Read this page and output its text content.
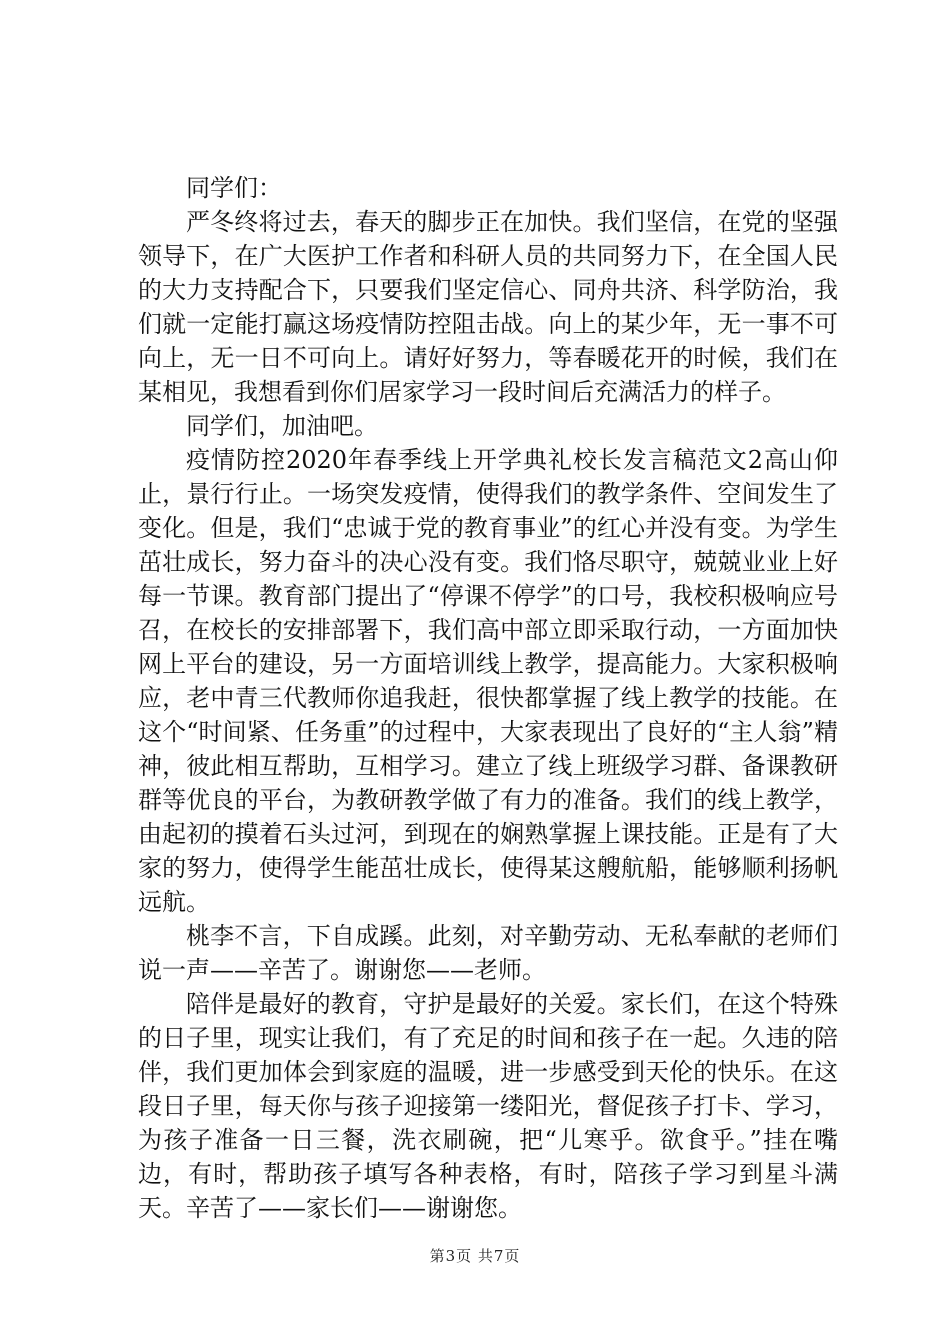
同学们：

严冬终将过去，春天的脚步正在加快。我们坚信，在党的坚强领导下，在广大医护工作者和科研人员的共同努力下，在全国人民的大力支持配合下，只要我们坚定信心、同舟共济、科学防治，我们就一定能打赢这场疫情防控阻击战。向上的某少年，无一事不可向上，无一日不可向上。请好好努力，等春暖花开的时候，我们在某相见，我想看到你们居家学习一段时间后充满活力的样子。

同学们，加油吧。

疫情防控2020年春季线上开学典礼校长发言稿范文2高山仰止，景行行止。一场突发疫情，使得我们的教学条件、空间发生了变化。但是，我们“忠诚于党的教育事业”的红心并没有变。为学生茁壮成长，努力奋斗的决心没有变。我们恪尽职守，兢兢业业上好每一节课。教育部门提出了“停课不停学”的口号，我校积极响应号召，在校长的安排部署下，我们高中部立即采取行动，一方面加快网上平台的建设，另一方面培训线上教学，提高能力。大家积极响应，老中青三代教师你追我赶，很快都掌握了线上教学的技能。在这个“时间紧、任务重”的过程中，大家表现出了良好的“主人翁”精神，彼此相互帮助，互相学习。建立了线上班级学习群、备课教研群等优良的平台，为教研教学做了有力的准备。我们的线上教学，由起初的摸着石头过河，到现在的娴熟掌握上课技能。正是有了大家的努力，使得学生能茁壮成长，使得某这艘航船，能够顺利扬帆远航。

桃李不言，下自成蹊。此刻，对辛勤劳动、无私奉献的老师们说一声——辛苦了。谢谢您——老师。

陪伴是最好的教育，守护是最好的关爱。家长们，在这个特殊的日子里，现实让我们，有了充足的时间和孩子在一起。久违的陪伴，我们更加体会到家庭的温暖，进一步感受到天伦的快乐。在这段日子里，每天你与孩子迎接第一缕阳光，督促孩子打卡、学习，为孩子准备一日三餐，洗衣刷碗，把“儿寒乎。欲食乎。”挂在嘴边，有时，帮助孩子填写各种表格，有时，陪孩子学习到星斗满天。辛苦了——家长们——谢谢您。

第3页 共7页
